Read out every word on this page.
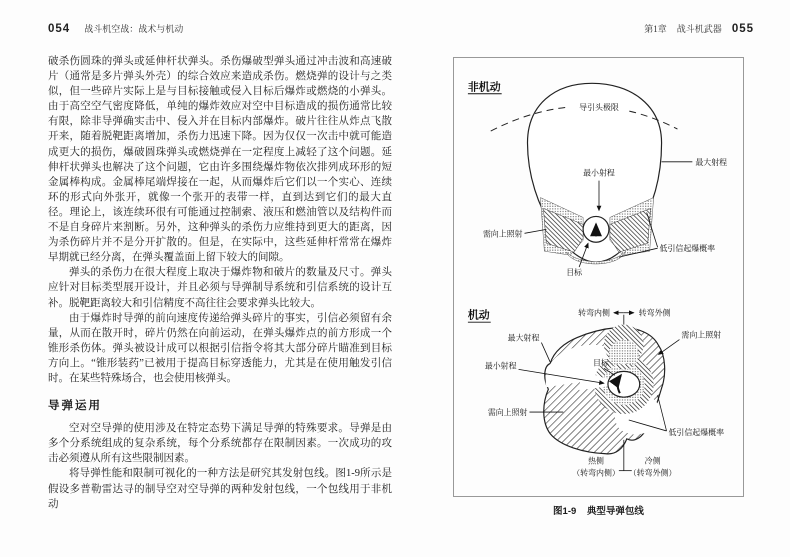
054 战斗机空战：战术与机动	第1章 战斗机武器 055

破杀伤圆珠的弹头或延伸杆状弹头。杀伤爆破型弹头通过冲击波和高速破片（通常是多片弹头外壳）的综合效应来造成杀伤。燃烧弹的设计与之类似，但一些碎片实际上是与目标接触或侵入目标后爆炸或燃烧的小弹头。由于高空空气密度降低，单纯的爆炸效应对空中目标造成的损伤通常比较有限，除非导弹确实击中、侵入并在目标内部爆炸。破片往往从炸点飞散开来，随着脱靶距离增加，杀伤力迅速下降。因为仅仅一次击中就可能造成更大的损伤，爆破圆珠弹头或燃烧弹在一定程度上减轻了这个问题。延伸杆状弹头也解决了这个问题，它由许多围绕爆炸物依次排列成环形的短金属棒构成。金属棒尾端焊接在一起，从而爆炸后它们以一个实心、连续环的形式向外张开，就像一个张开的表带一样，直到达到它们的最大直径。理论上，该连续环很有可能通过控制索、液压和燃油管以及结构件而不是自身碎片来割断。另外，这种弹头的杀伤力应维持到更大的距离，因为杀伤碎片并不是分开扩散的。但是，在实际中，这些延伸杆常常在爆炸早期就已经分离，在弹头覆盖面上留下较大的间隙。

弹头的杀伤力在很大程度上取决于爆炸物和破片的数量及尺寸。弹头应针对目标类型展开设计，并且必须与导弹制导系统和引信系统的设计互补。脱靶距离较大和引信精度不高往往会要求弹头比较大。

由于爆炸时导弹的前向速度传递给弹头碎片的事实，引信必须留有余量，从而在散开时，碎片仍然在向前运动，在弹头爆炸点的前方形成一个锥形杀伤体。弹头被设计成可以根据引信指令将其大部分碎片瞄准到目标方向上。“锥形装药”已被用于提高目标穿透能力，尤其是在使用触发引信时。在某些特殊场合，也会使用核弹头。

导弹运用

空对空导弹的使用涉及在特定态势下满足导弹的特殊要求。导弹是由多个分系统组成的复杂系统，每个分系统都存在限制因素。一次成功的攻击必须遵从所有这些限制因素。

将导弹性能和限制可视化的一种方法是研究其发射包线。图1-9所示是假设多普勒雷达寻的制导空对空导弹的两种发射包线，一个包线用于非机动

非机动
导引头极限
最大射程
最小射程
需向上照射
低引信起爆概率
目标
机动	转弯内侧	转弯外侧
最大射程
最小射程	目标
需向上照射
需向上照射
低引信起爆概率
热侧
（转弯内侧）
冷侧
（转弯外侧）
图1-9 典型导弹包线
